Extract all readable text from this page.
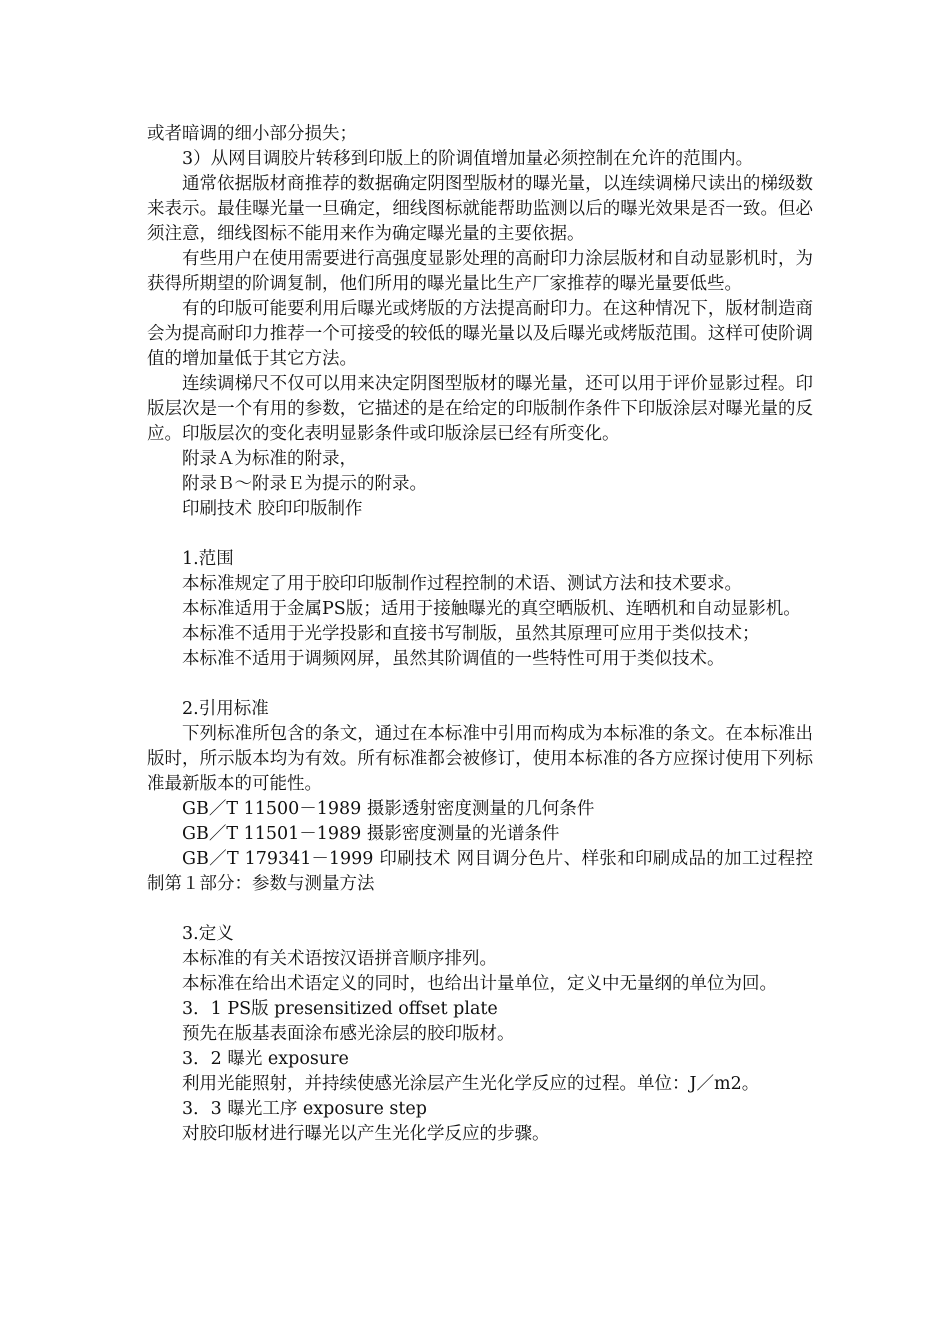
或者暗调的细小部分损失；

3）从网目调胶片转移到印版上的阶调值增加量必须控制在允许的范围内。

通常依据版材商推荐的数据确定阴图型版材的曝光量，以连续调梯尺读出的梯级数来表示。最佳曝光量一旦确定，细线图标就能帮助监测以后的曝光效果是否一致。但必须注意，细线图标不能用来作为确定曝光量的主要依据。

有些用户在使用需要进行高强度显影处理的高耐印力涂层版材和自动显影机时，为获得所期望的阶调复制，他们所用的曝光量比生产厂家推荐的曝光量要低些。

有的印版可能要利用后曝光或烤版的方法提高耐印力。在这种情况下，版材制造商会为提高耐印力推荐一个可接受的较低的曝光量以及后曝光或烤版范围。这样可使阶调值的增加量低于其它方法。

连续调梯尺不仅可以用来决定阴图型版材的曝光量，还可以用于评价显影过程。印版层次是一个有用的参数，它描述的是在给定的印版制作条件下印版涂层对曝光量的反应。印版层次的变化表明显影条件或印版涂层已经有所变化。

附录Ａ为标准的附录，

附录Ｂ～附录Ｅ为提示的附录。

印刷技术 胶印印版制作

1.范围

本标准规定了用于胶印印版制作过程控制的术语、测试方法和技术要求。

本标准适用于金属PS版；适用于接触曝光的真空晒版机、连晒机和自动显影机。

本标准不适用于光学投影和直接书写制版，虽然其原理可应用于类似技术；

本标准不适用于调频网屏，虽然其阶调值的一些特性可用于类似技术。

2.引用标准

下列标准所包含的条文，通过在本标准中引用而构成为本标准的条文。在本标准出版时，所示版本均为有效。所有标准都会被修订，使用本标准的各方应探讨使用下列标准最新版本的可能性。

GB／T 11500－1989 摄影透射密度测量的几何条件

GB／T 11501－1989 摄影密度测量的光谱条件

GB／T 179341－1999 印刷技术 网目调分色片、样张和印刷成品的加工过程控制第１部分：参数与测量方法

3.定义

本标准的有关术语按汉语拼音顺序排列。

本标准在给出术语定义的同时，也给出计量单位，定义中无量纲的单位为回。

3．1 PS版 presensitized offset plate

预先在版基表面涂布感光涂层的胶印版材。

3．2 曝光 exposure

利用光能照射，并持续使感光涂层产生光化学反应的过程。单位：J／m2。

3．3 曝光工序 exposure step

对胶印版材进行曝光以产生光化学反应的步骤。
